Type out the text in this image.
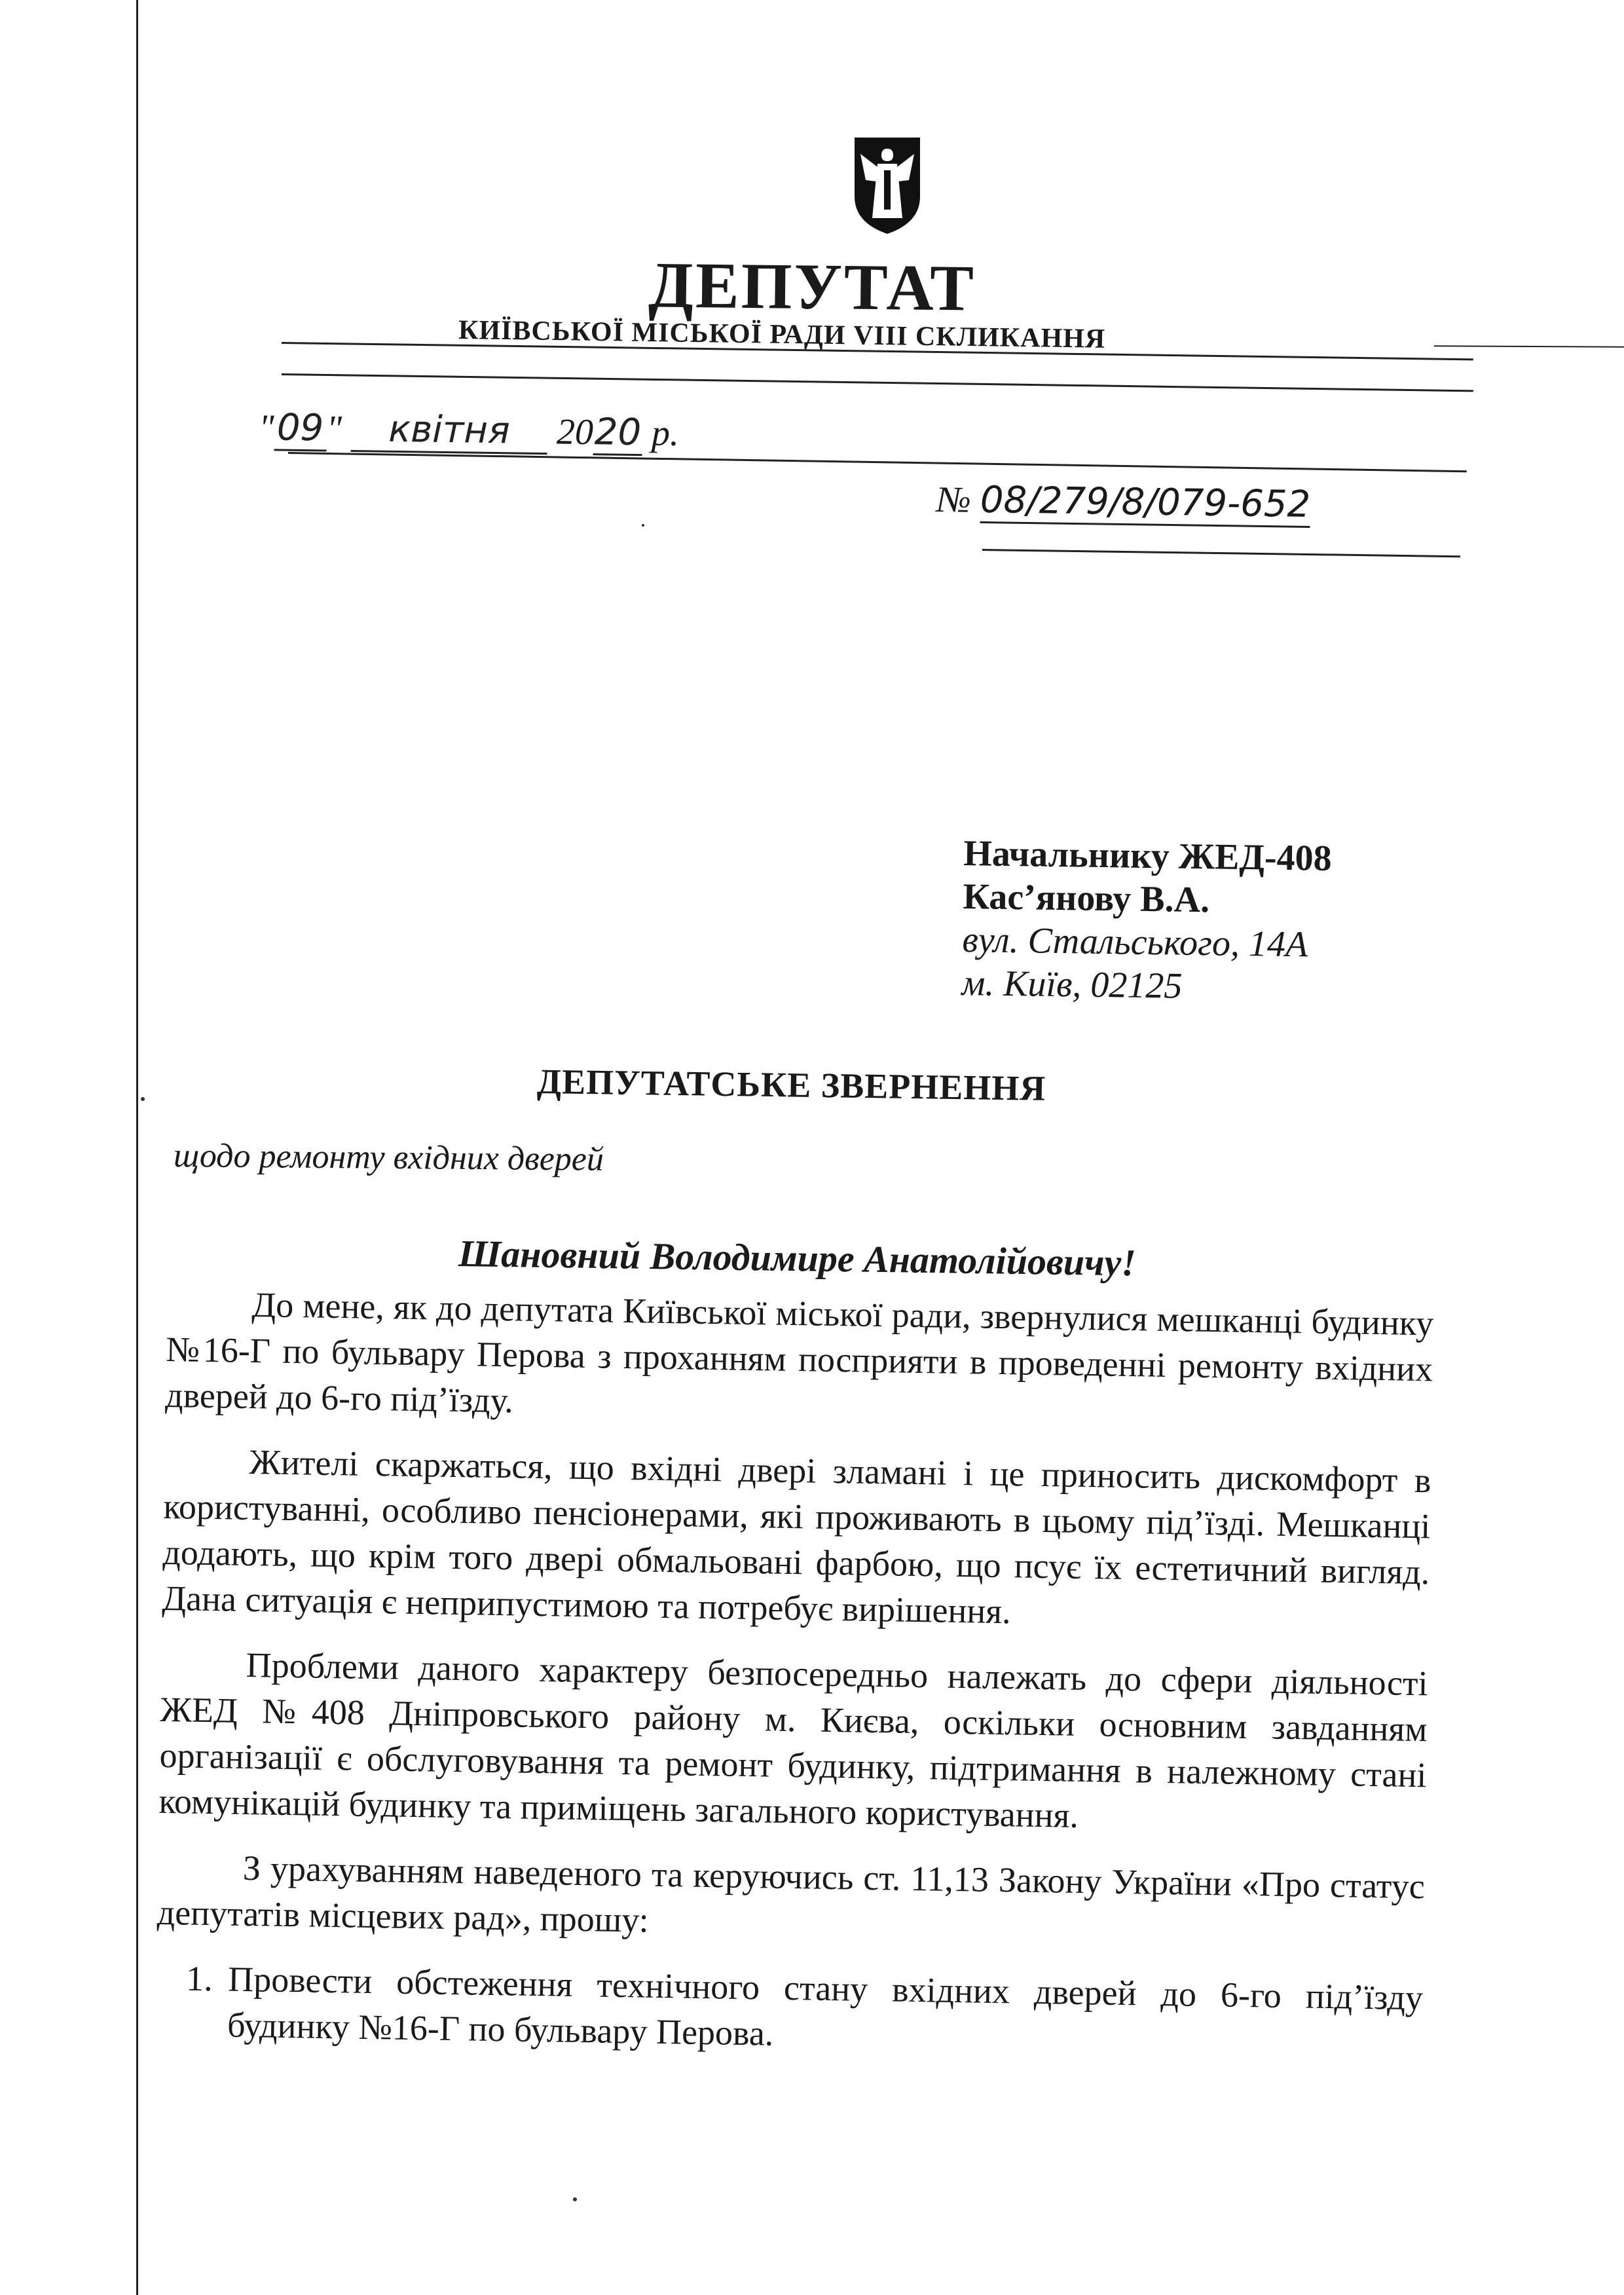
ДЕПУТАТ
КИЇВСЬКОЇ МІСЬКОЇ РАДИ VIII СКЛИКАННЯ
"09" квітня 2020 р.
№ 08/279/8/079-652
Начальнику ЖЕД-408
Кас’янову В.А.
вул. Стальського, 14А
м. Київ, 02125
ДЕПУТАТСЬКЕ ЗВЕРНЕННЯ
щодо ремонту вхідних дверей
Шановний Володимире Анатолійовичу!

До мене, як до депутата Київської міської ради, звернулися мешканці будинку №16-Г по бульвару Перова з проханням посприяти в проведенні ремонту вхідних дверей до 6-го під’їзду.

Жителі скаржаться, що вхідні двері зламані і це приносить дискомфорт в користуванні, особливо пенсіонерами, які проживають в цьому під’їзді. Мешканці додають, що крім того двері обмальовані фарбою, що псує їх естетичний вигляд. Дана ситуація є неприпустимою та потребує вирішення.

Проблеми даного характеру безпосередньо належать до сфери діяльності ЖЕД №408 Дніпровського району м. Києва, оскільки основним завданням організації є обслуговування та ремонт будинку, підтримання в належному стані комунікацій будинку та приміщень загального користування.

З урахуванням наведеного та керуючись ст. 11,13 Закону України «Про статус депутатів місцевих рад», прошу:

1. Провести обстеження технічного стану вхідних дверей до 6-го під’їзду будинку №16-Г по бульвару Перова.
